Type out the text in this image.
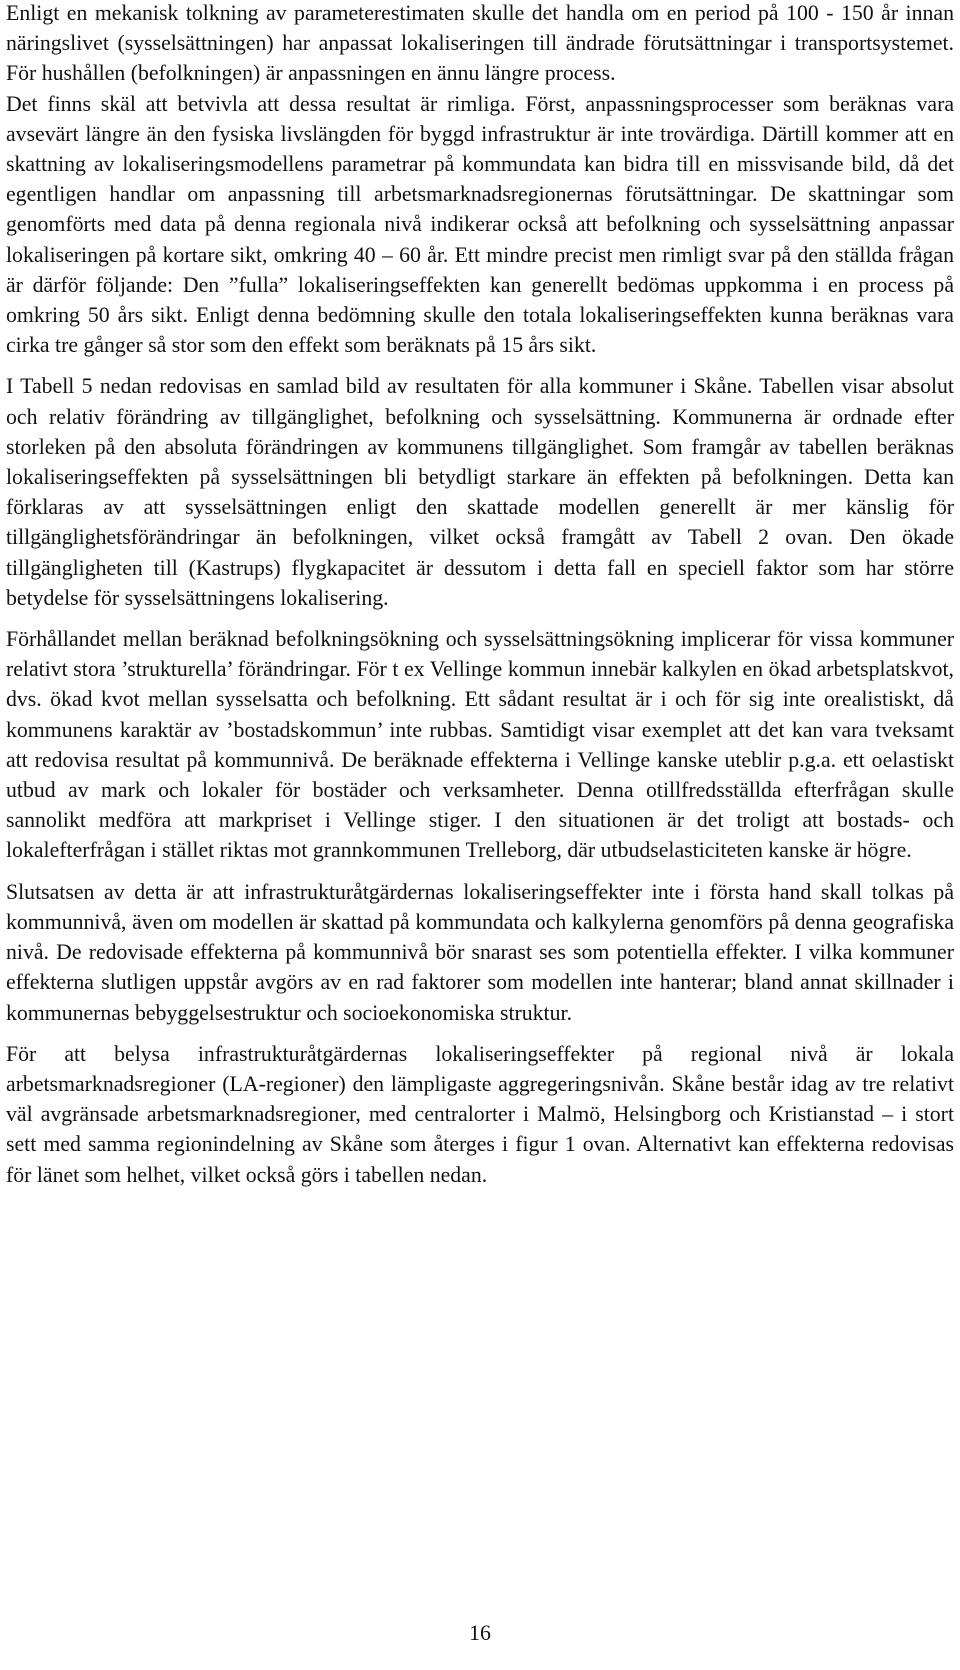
Enligt en mekanisk tolkning av parameterestimaten skulle det handla om en period på 100 - 150 år innan näringslivet (sysselsättningen) har anpassat lokaliseringen till ändrade förutsättningar i transportsystemet. För hushållen (befolkningen) är anpassningen en ännu längre process.

Det finns skäl att betvivla att dessa resultat är rimliga. Först, anpassningsprocesser som beräknas vara avsevärt längre än den fysiska livslängden för byggd infrastruktur är inte trovärdiga. Därtill kommer att en skattning av lokaliseringsmodellens parametrar på kommundata kan bidra till en missvisande bild, då det egentligen handlar om anpassning till arbetsmarknadsregionernas förutsättningar. De skattningar som genomförts med data på denna regionala nivå indikerar också att befolkning och sysselsättning anpassar lokaliseringen på kortare sikt, omkring 40 – 60 år. Ett mindre precist men rimligt svar på den ställda frågan är därför följande: Den ”fulla” lokaliseringseffekten kan generellt bedömas uppkomma i en process på omkring 50 års sikt. Enligt denna bedömning skulle den totala lokaliseringseffekten kunna beräknas vara cirka tre gånger så stor som den effekt som beräknats på 15 års sikt.

I Tabell 5 nedan redovisas en samlad bild av resultaten för alla kommuner i Skåne. Tabellen visar absolut och relativ förändring av tillgänglighet, befolkning och sysselsättning. Kommunerna är ordnade efter storleken på den absoluta förändringen av kommunens tillgänglighet. Som framgår av tabellen beräknas lokaliseringseffekten på sysselsättningen bli betydligt starkare än effekten på befolkningen. Detta kan förklaras av att sysselsättningen enligt den skattade modellen generellt är mer känslig för tillgänglighetsförändringar än befolkningen, vilket också framgått av Tabell 2 ovan. Den ökade tillgängligheten till (Kastrups) flygkapacitet är dessutom i detta fall en speciell faktor som har större betydelse för sysselsättningens lokalisering.

Förhållandet mellan beräknad befolkningsökning och sysselsättningsökning implicerar för vissa kommuner relativt stora ’strukturella’ förändringar. För t ex Vellinge kommun innebär kalkylen en ökad arbetsplatskvot, dvs. ökad kvot mellan sysselsatta och befolkning. Ett sådant resultat är i och för sig inte orealistiskt, då kommunens karaktär av ’bostadskommun’ inte rubbas. Samtidigt visar exemplet att det kan vara tveksamt att redovisa resultat på kommunnivå. De beräknade effekterna i Vellinge kanske uteblir p.g.a. ett oelastiskt utbud av mark och lokaler för bostäder och verksamheter. Denna otillfredsställda efterfrågan skulle sannolikt medföra att markpriset i Vellinge stiger. I den situationen är det troligt att bostads- och lokalefterfrågan i stället riktas mot grannkommunen Trelleborg, där utbudselasticiteten kanske är högre.

Slutsatsen av detta är att infrastrukturåtgärdernas lokaliseringseffekter inte i första hand skall tolkas på kommunnivå, även om modellen är skattad på kommundata och kalkylerna genomförs på denna geografiska nivå. De redovisade effekterna på kommunnivå bör snarast ses som potentiella effekter. I vilka kommuner effekterna slutligen uppstår avgörs av en rad faktorer som modellen inte hanterar; bland annat skillnader i kommunernas bebyggelsestruktur och socioekonomiska struktur.

För att belysa infrastrukturåtgärdernas lokaliseringseffekter på regional nivå är lokala arbetsmarknadsregioner (LA-regioner) den lämpligaste aggregeringsnivån. Skåne består idag av tre relativt väl avgränsade arbetsmarknadsregioner, med centralorter i Malmö, Helsingborg och Kristianstad – i stort sett med samma regionindelning av Skåne som återges i figur 1 ovan. Alternativt kan effekterna redovisas för länet som helhet, vilket också görs i tabellen nedan.

16
